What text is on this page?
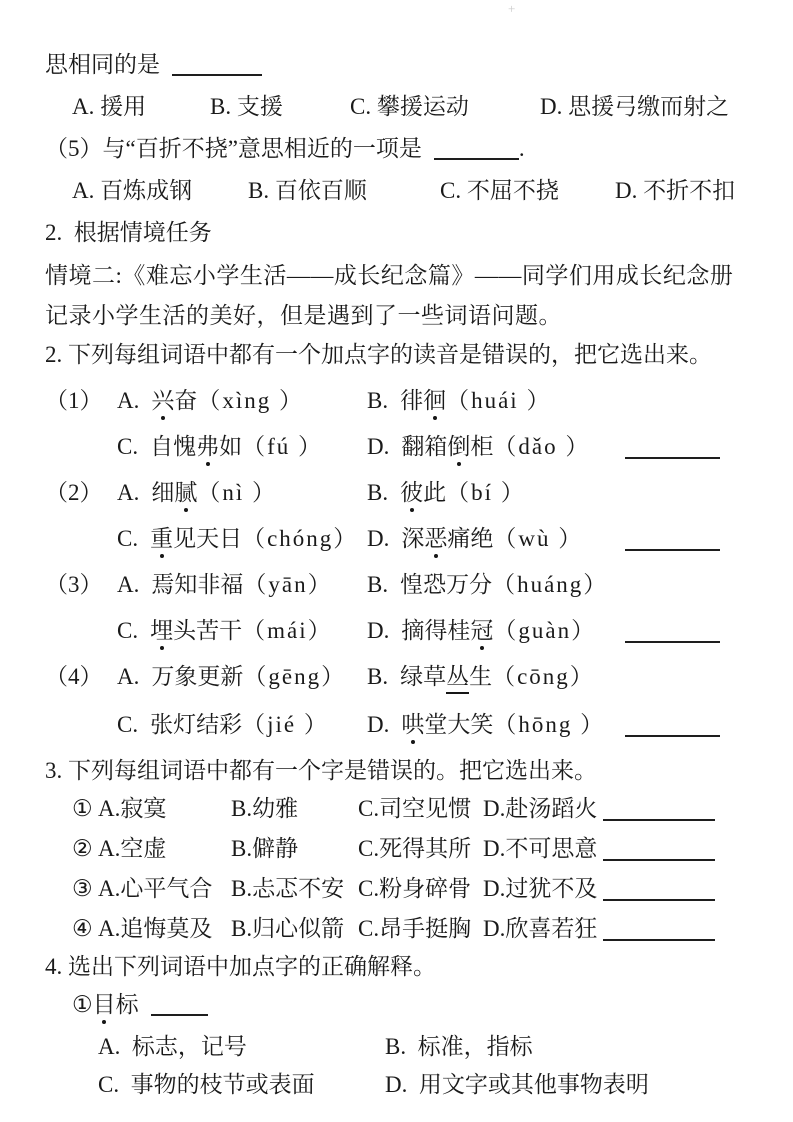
+
思相同的是
A. 援用	B. 支援	C. 攀援运动	D. 思援弓缴而射之
（5）与“百折不挠”意思相近的一项是	.
A. 百炼成钢	B. 百依百顺	C. 不屈不挠	D. 不折不扣
2.  根据情境任务
情境二:《难忘小学生活——成长纪念篇》——同学们用成长纪念册记录小学生活的美好，但是遇到了一些词语问题。
2. 下列每组词语中都有一个加点字的读音是错误的，把它选出来。
（1） A. 兴奋（xìng ）	B. 徘徊（huái ）
C. 自愧弗如（fú ）	D. 翻箱倒柜（dǎo ）
（2） A. 细腻（nì ）	B. 彼此（bí ）
C. 重见天日（chóng） D. 深恶痛绝（wù ）
（3） A. 焉知非福（yān）	B. 惶恐万分（huáng）
C. 埋头苦干（mái）	D. 摘得桂冠（guàn）
（4） A. 万象更新（gēng） B. 绿草丛生（cōng）
C. 张灯结彩（jié ）	D. 哄堂大笑（hōng ）
3. 下列每组词语中都有一个字是错误的。把它选出来。
① A.寂寞	B.幼雅	C.司空见惯 D.赴汤蹈火
② A.空虚	B.僻静	C.死得其所 D.不可思意
③ A.心平气合 B.忐忑不安 C.粉身碎骨 D.过犹不及
④ A.追悔莫及 B.归心似箭 C.昂手挺胸 D.欣喜若狂
4. 选出下列词语中加点字的正确解释。
①目标
A.  标志，记号	B.  标准，指标
C.  事物的枝节或表面	D.  用文字或其他事物表明
